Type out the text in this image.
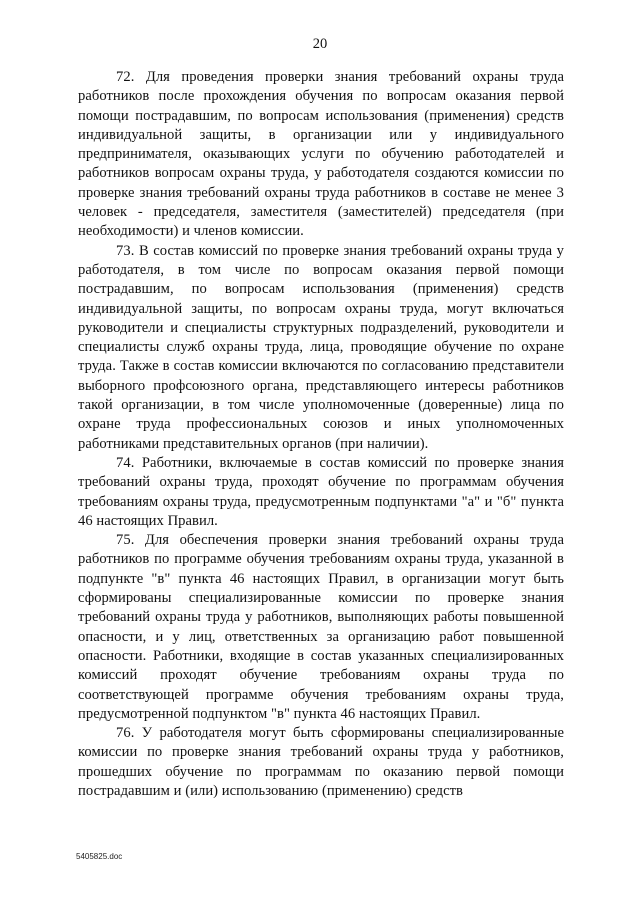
20

72. Для проведения проверки знания требований охраны труда работников после прохождения обучения по вопросам оказания первой помощи пострадавшим, по вопросам использования (применения) средств индивидуальной защиты, в организации или у индивидуального предпринимателя, оказывающих услуги по обучению работодателей и работников вопросам охраны труда, у работодателя создаются комиссии по проверке знания требований охраны труда работников в составе не менее 3 человек - председателя, заместителя (заместителей) председателя (при необходимости) и членов комиссии.

73. В состав комиссий по проверке знания требований охраны труда у работодателя, в том числе по вопросам оказания первой помощи пострадавшим, по вопросам использования (применения) средств индивидуальной защиты, по вопросам охраны труда, могут включаться руководители и специалисты структурных подразделений, руководители и специалисты служб охраны труда, лица, проводящие обучение по охране труда. Также в состав комиссии включаются по согласованию представители выборного профсоюзного органа, представляющего интересы работников такой организации, в том числе уполномоченные (доверенные) лица по охране труда профессиональных союзов и иных уполномоченных работниками представительных органов (при наличии).

74. Работники, включаемые в состав комиссий по проверке знания требований охраны труда, проходят обучение по программам обучения требованиям охраны труда, предусмотренным подпунктами "а" и "б" пункта 46 настоящих Правил.

75. Для обеспечения проверки знания требований охраны труда работников по программе обучения требованиям охраны труда, указанной в подпункте "в" пункта 46 настоящих Правил, в организации могут быть сформированы специализированные комиссии по проверке знания требований охраны труда у работников, выполняющих работы повышенной опасности, и у лиц, ответственных за организацию работ повышенной опасности. Работники, входящие в состав указанных специализированных комиссий проходят обучение требованиям охраны труда по соответствующей программе обучения требованиям охраны труда, предусмотренной подпунктом "в" пункта 46 настоящих Правил.

76. У работодателя могут быть сформированы специализированные комиссии по проверке знания требований охраны труда у работников, прошедших обучение по программам по оказанию первой помощи пострадавшим и (или) использованию (применению) средств

5405825.doc
